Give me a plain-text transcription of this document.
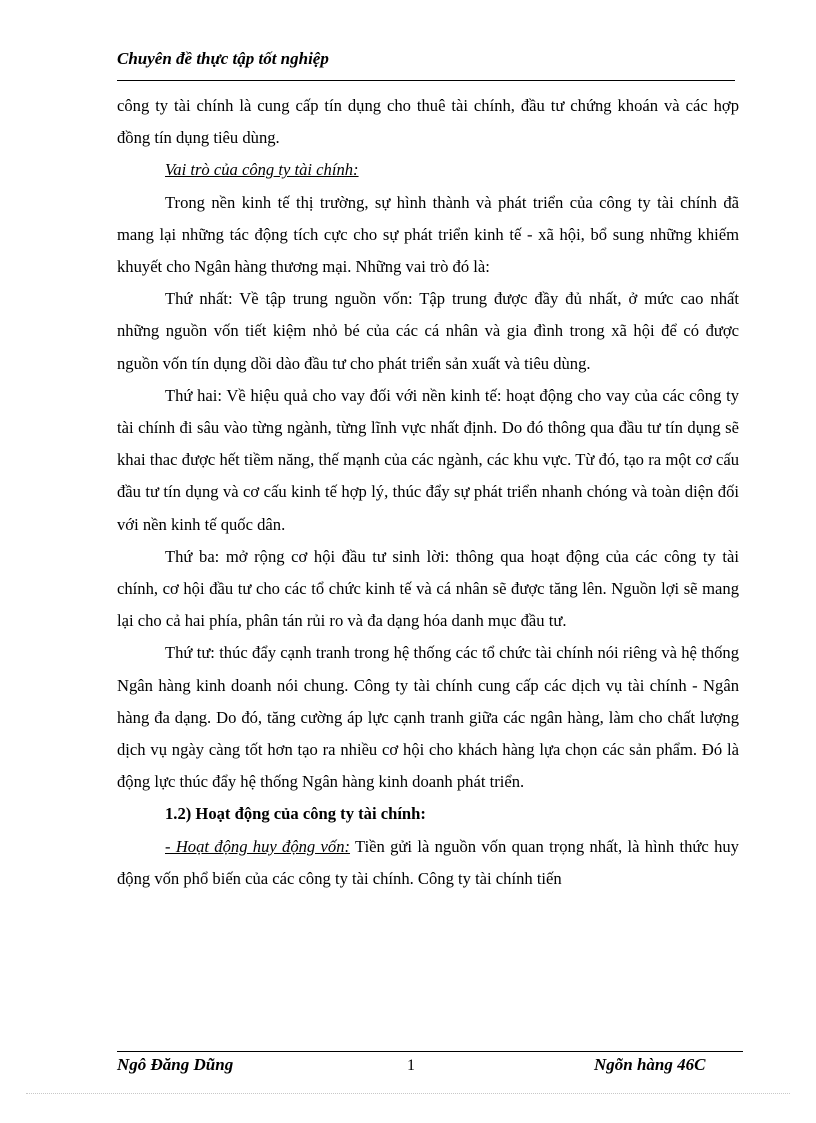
Chuyên đề thực tập tốt nghiệp

công ty tài chính là cung cấp tín dụng cho thuê tài chính, đầu tư chứng khoán và các hợp đồng tín dụng tiêu dùng.

Vai trò của công ty tài chính:

Trong nền kinh tế thị trường, sự hình thành và phát triển của công ty tài chính đã mang lại những tác động tích cực cho sự phát triển kinh tế - xã hội, bổ sung những khiếm khuyết cho Ngân hàng thương mại. Những vai trò đó là:

Thứ nhất: Về tập trung nguồn vốn: Tập trung được đầy đủ nhất, ở mức cao nhất những nguồn vốn tiết kiệm nhỏ bé của các cá nhân và gia đình trong xã hội để có được nguồn vốn tín dụng dồi dào đầu tư cho phát triển sản xuất và tiêu dùng.

Thứ hai: Về hiệu quả cho vay đối với nền kinh tế: hoạt động cho vay của các công ty tài chính đi sâu vào từng ngành, từng lĩnh vực nhất định. Do đó thông qua đầu tư tín dụng sẽ khai thac được hết tiềm năng, thế mạnh của các ngành, các khu vực. Từ đó, tạo ra một cơ cấu đầu tư tín dụng và cơ cấu kinh tế hợp lý, thúc đẩy sự phát triển nhanh chóng và toàn diện đối với nền kinh tế quốc dân.

Thứ ba: mở rộng cơ hội đầu tư sinh lời: thông qua hoạt động của các công ty tài chính, cơ hội đầu tư cho các tổ chức kinh tế và cá nhân sẽ được tăng lên. Nguồn lợi sẽ mang lại cho cả hai phía, phân tán rủi ro và đa dạng hóa danh mục đầu tư.

Thứ tư: thúc đẩy cạnh tranh trong hệ thống các tổ chức tài chính nói riêng và hệ thống Ngân hàng kinh doanh nói chung. Công ty tài chính cung cấp các dịch vụ tài chính - Ngân hàng đa dạng. Do đó, tăng cường áp lực cạnh tranh giữa các ngân hàng, làm cho chất lượng dịch vụ ngày càng tốt hơn tạo ra nhiều cơ hội cho khách hàng lựa chọn các sản phẩm. Đó là động lực thúc đẩy hệ thống Ngân hàng kinh doanh phát triển.

1.2) Hoạt động của công ty tài chính:

- Hoạt động huy động vốn: Tiền gửi là nguồn vốn quan trọng nhất, là hình thức huy động vốn phổ biến của các công ty tài chính. Công ty tài chính tiến

Ngô Đăng Dũng	1	Ngõn hàng 46C
